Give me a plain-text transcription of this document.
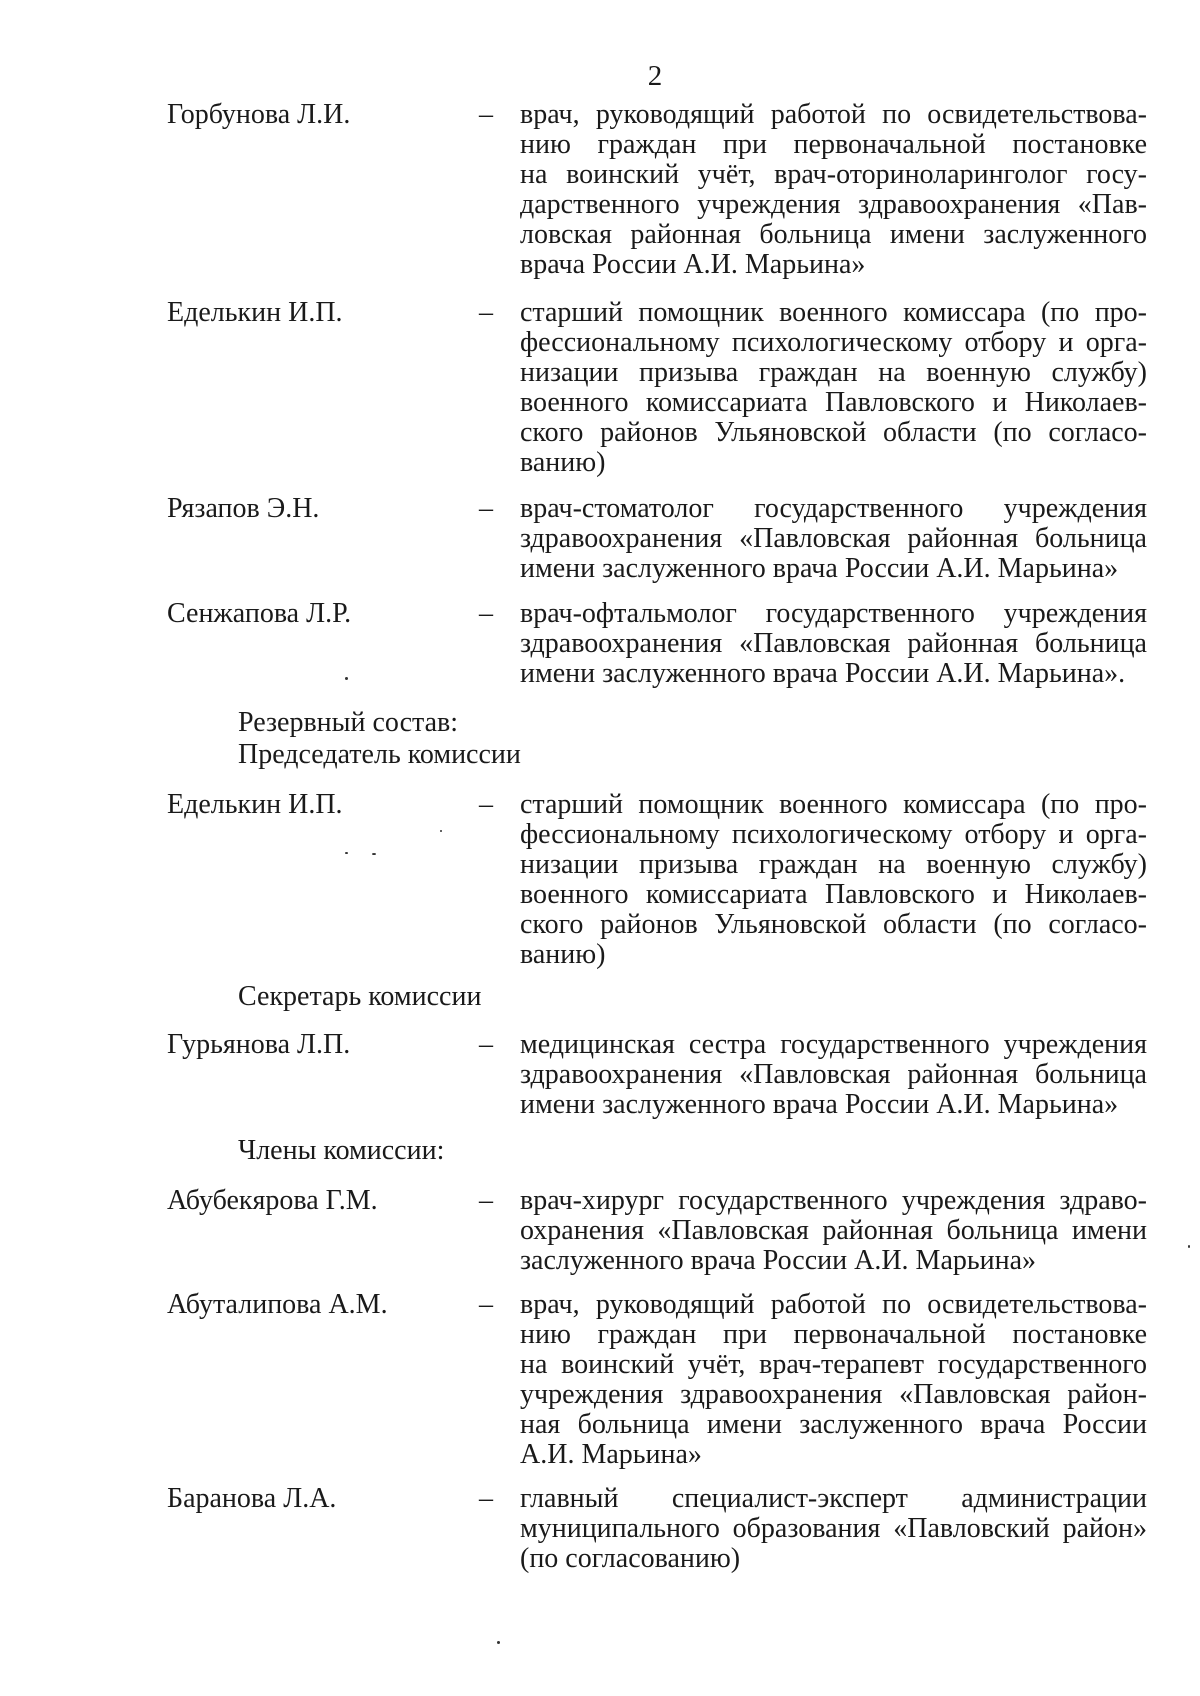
2
Горбунова Л.И.	– врач, руководящий работой по освидетельствова-
нию граждан при первоначальной постановке
на воинский учёт, врач-оториноларинголог госу-
дарственного учреждения здравоохранения «Пав-
ловская районная больница имени заслуженного
врача России А.И. Марьина»
Еделькин И.П.	– старший помощник военного комиссара (по про-
фессиональному психологическому отбору и орга-
низации призыва граждан на военную службу)
военного комиссариата Павловского и Николаев-
ского районов Ульяновской области (по согласо-
ванию)
Рязапов Э.Н.	– врач-стоматолог государственного учреждения
здравоохранения «Павловская районная больница
имени заслуженного врача России А.И. Марьина»
Сенжапова Л.Р.	– врач-офтальмолог государственного учреждения
здравоохранения «Павловская районная больница
имени заслуженного врача России А.И. Марьина».
Резервный состав:
Председатель комиссии
Еделькин И.П.	– старший помощник военного комиссара (по про-
фессиональному психологическому отбору и орга-
низации призыва граждан на военную службу)
военного комиссариата Павловского и Николаев-
ского районов Ульяновской области (по согласо-
ванию)
Секретарь комиссии
Гурьянова Л.П.	– медицинская сестра государственного учреждения
здравоохранения «Павловская районная больница
имени заслуженного врача России А.И. Марьина»
Члены комиссии:
Абубекярова Г.М.	– врач-хирург государственного учреждения здраво-
охранения «Павловская районная больница имени
заслуженного врача России А.И. Марьина»
Абуталипова А.М.	– врач, руководящий работой по освидетельствова-
нию граждан при первоначальной постановке
на воинский учёт, врач-терапевт государственного
учреждения здравоохранения «Павловская район-
ная больница имени заслуженного врача России
А.И. Марьина»
Баранова Л.А.	– главный специалист-эксперт администрации
муниципального образования «Павловский район»
(по согласованию)
